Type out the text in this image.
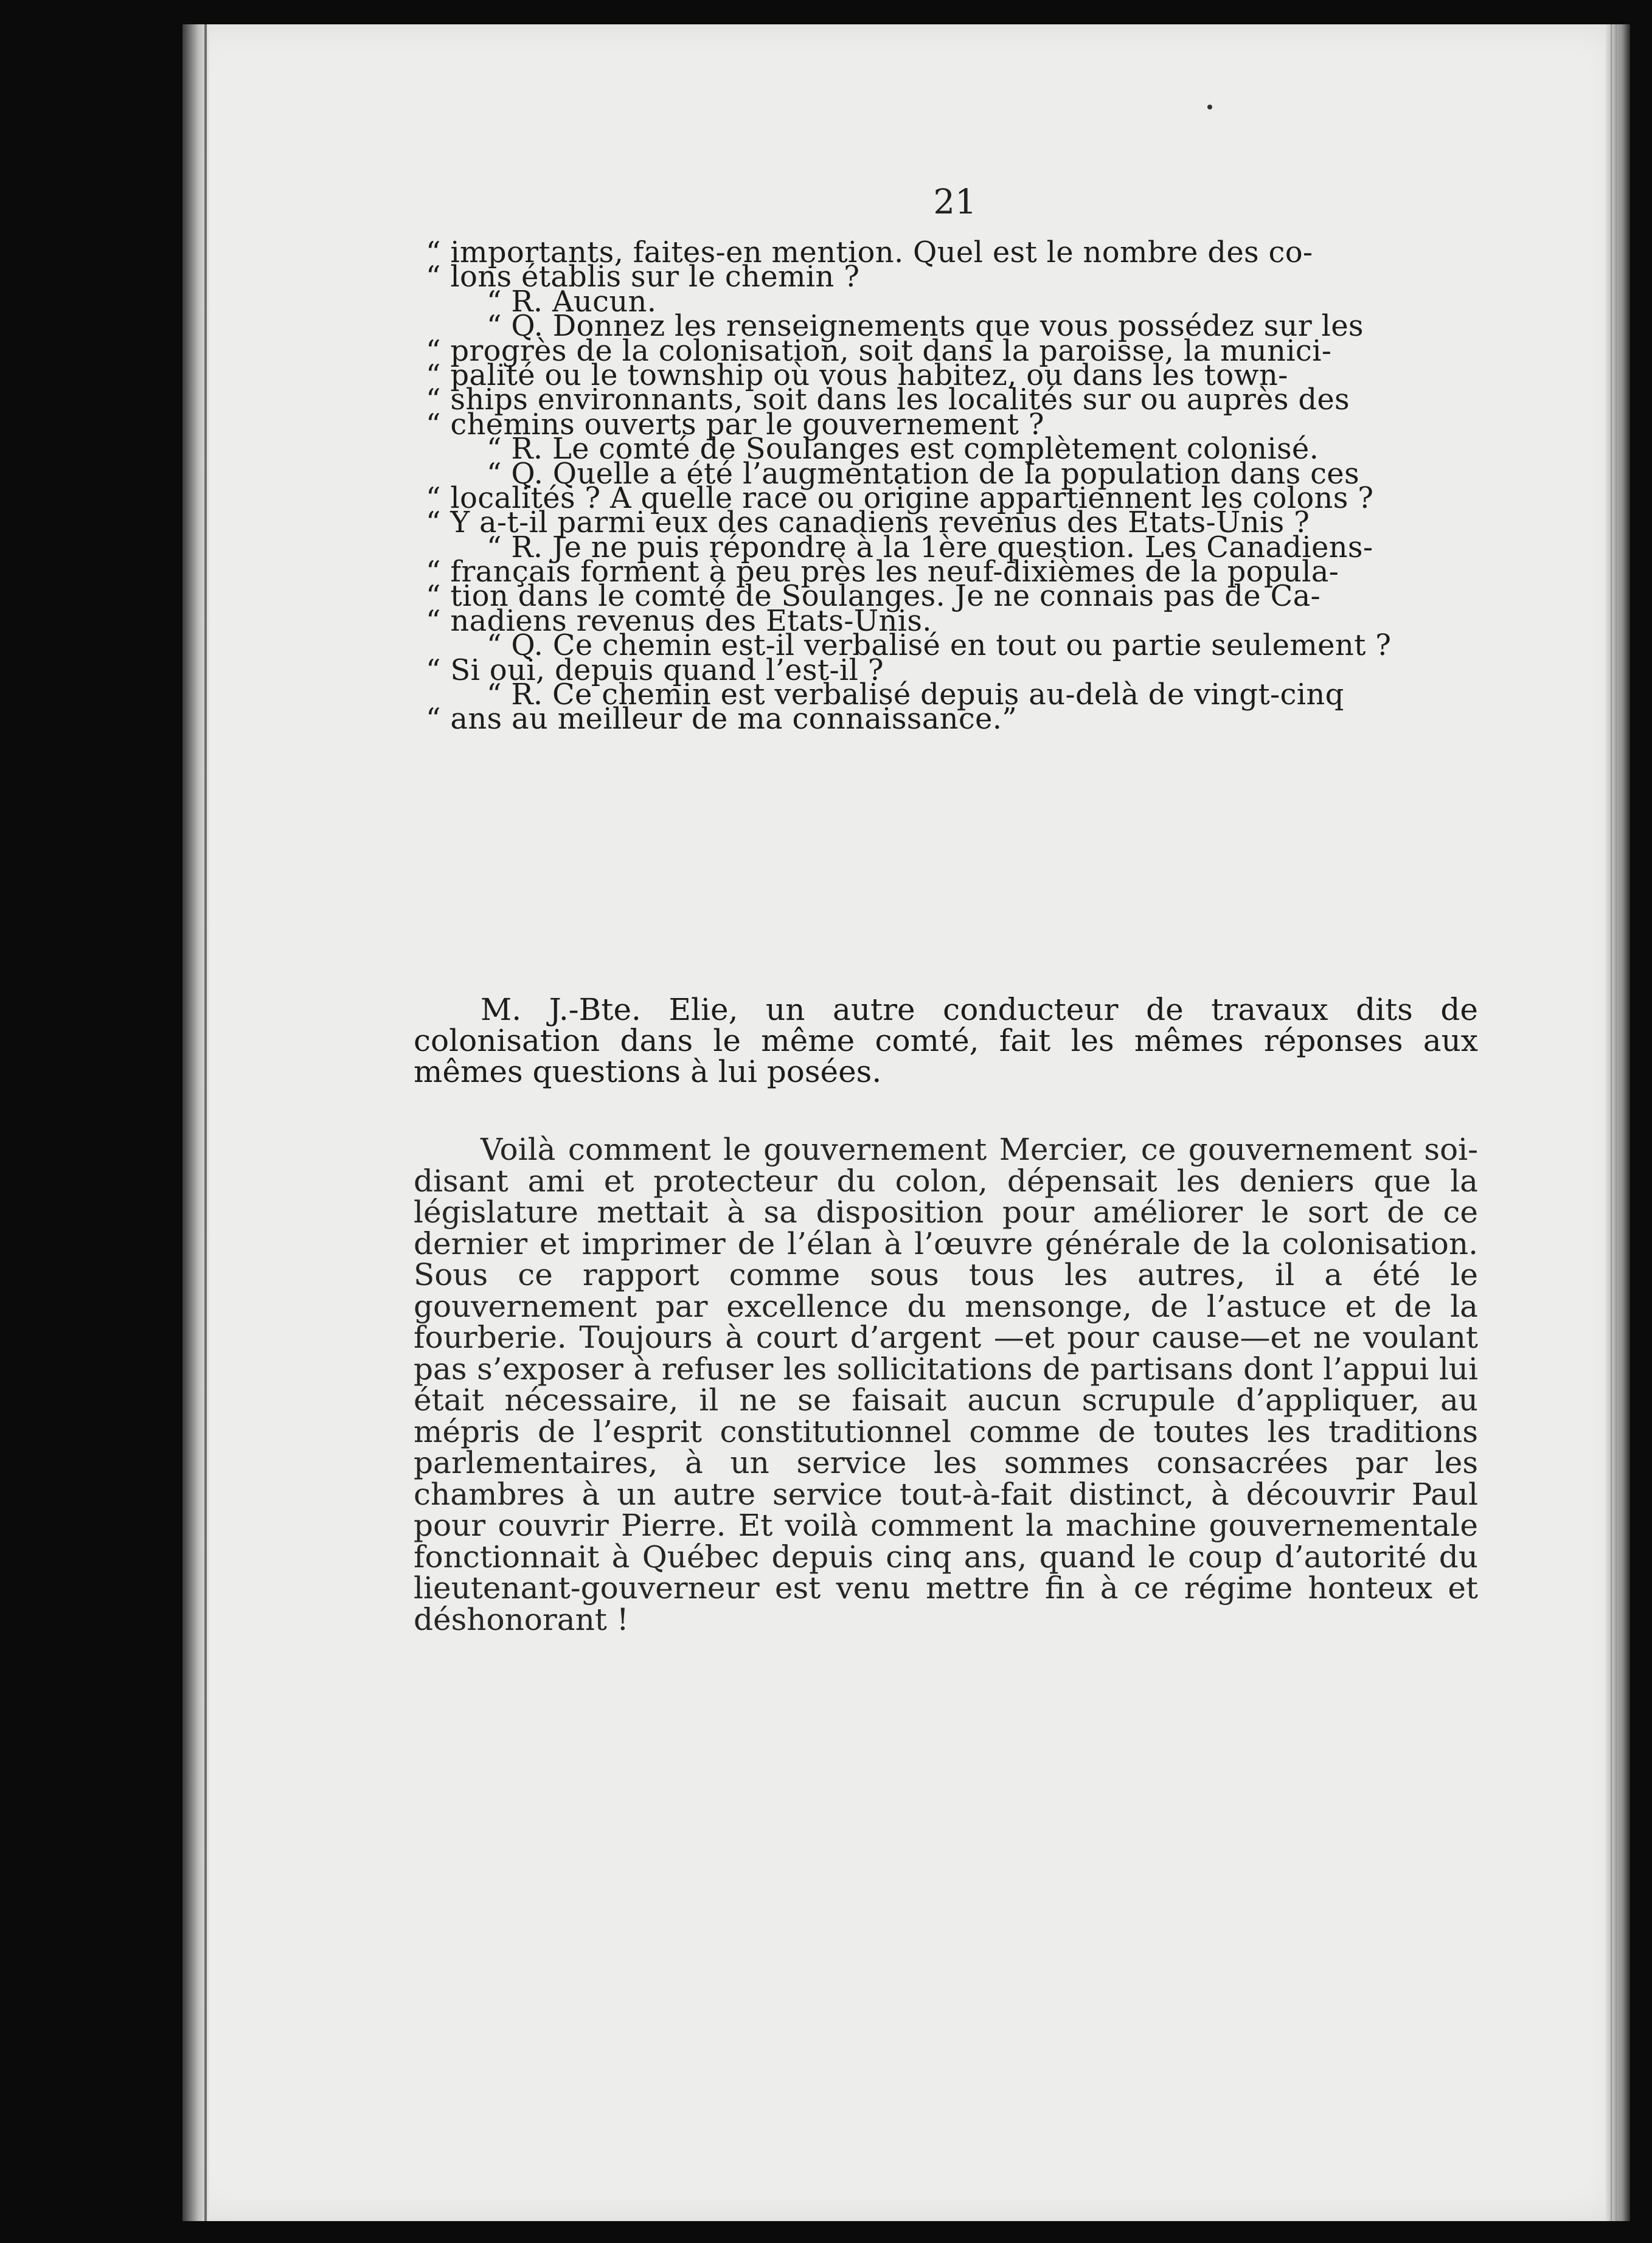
21
“ importants, faites-en mention. Quel est le nombre des co-
“ lons établis sur le chemin ?
“ R. Aucun.
“ Q. Donnez les renseignements que vous possédez sur les
“ progrès de la colonisation, soit dans la paroisse, la munici-
“ palité ou le township où vous habitez, ou dans les town-
“ ships environnants, soit dans les localités sur ou auprès des
“ chemins ouverts par le gouvernement ?
“ R. Le comté de Soulanges est complètement colonisé.
“ Q. Quelle a été l’augmentation de la population dans ces
“ localités ? A quelle race ou origine appartiennent les colons ?
“ Y a-t-il parmi eux des canadiens revenus des Etats-Unis ?
“ R. Je ne puis répondre à la 1ère question. Les Canadiens-
“ français forment à peu près les neuf-dixièmes de la popula-
“ tion dans le comté de Soulanges. Je ne connais pas de Ca-
“ nadiens revenus des Etats-Unis.
“ Q. Ce chemin est-il verbalisé en tout ou partie seulement ?
“ Si oui, depuis quand l’est-il ?
“ R. Ce chemin est verbalisé depuis au-delà de vingt-cinq
“ ans au meilleur de ma connaissance.”

M. J.-Bte. Elie, un autre conducteur de travaux dits de colonisation dans le même comté, fait les mêmes réponses aux mêmes questions à lui posées.

Voilà comment le gouvernement Mercier, ce gouvernement soi-disant ami et protecteur du colon, dépensait les deniers que la législature mettait à sa disposition pour améliorer le sort de ce dernier et imprimer de l’élan à l’œuvre générale de la colonisation. Sous ce rapport comme sous tous les autres, il a été le gouvernement par excellence du mensonge, de l’astuce et de la fourberie. Toujours à court d’argent —et pour cause—et ne voulant pas s’exposer à refuser les sollicitations de partisans dont l’appui lui était nécessaire, il ne se faisait aucun scrupule d’appliquer, au mépris de l’esprit constitutionnel comme de toutes les traditions parlementaires, à un service les sommes consacrées par les chambres à un autre service tout-à-fait distinct, à découvrir Paul pour couvrir Pierre. Et voilà comment la machine gouvernementale fonctionnait à Québec depuis cinq ans, quand le coup d’autorité du lieutenant-gouverneur est venu mettre fin à ce régime honteux et déshonorant !
